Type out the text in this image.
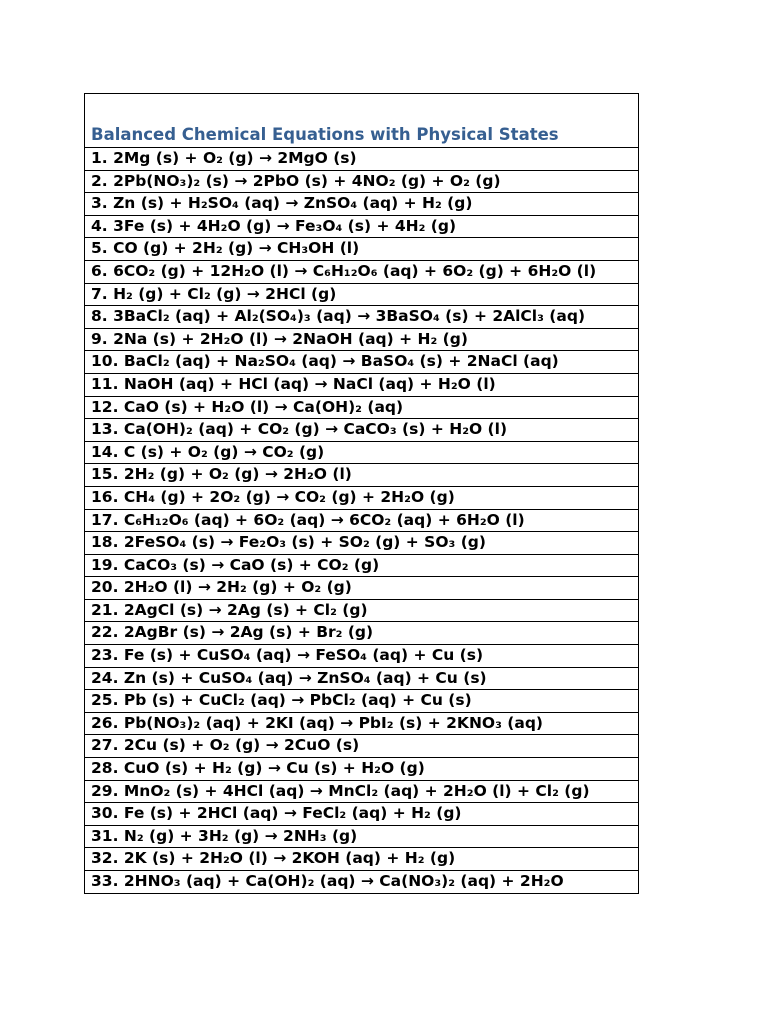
Balanced Chemical Equations with Physical States
1. 2Mg (s) + O₂ (g) → 2MgO (s)
2. 2Pb(NO₃)₂ (s) → 2PbO (s) + 4NO₂ (g) + O₂ (g)
3. Zn (s) + H₂SO₄ (aq) → ZnSO₄ (aq) + H₂ (g)
4. 3Fe (s) + 4H₂O (g) → Fe₃O₄ (s) + 4H₂ (g)
5. CO (g) + 2H₂ (g) → CH₃OH (l)
6. 6CO₂ (g) + 12H₂O (l) → C₆H₁₂O₆ (aq) + 6O₂ (g) + 6H₂O (l)
7. H₂ (g) + Cl₂ (g) → 2HCl (g)
8. 3BaCl₂ (aq) + Al₂(SO₄)₃ (aq) → 3BaSO₄ (s) + 2AlCl₃ (aq)
9. 2Na (s) + 2H₂O (l) → 2NaOH (aq) + H₂ (g)
10. BaCl₂ (aq) + Na₂SO₄ (aq) → BaSO₄ (s) + 2NaCl (aq)
11. NaOH (aq) + HCl (aq) → NaCl (aq) + H₂O (l)
12. CaO (s) + H₂O (l) → Ca(OH)₂ (aq)
13. Ca(OH)₂ (aq) + CO₂ (g) → CaCO₃ (s) + H₂O (l)
14. C (s) + O₂ (g) → CO₂ (g)
15. 2H₂ (g) + O₂ (g) → 2H₂O (l)
16. CH₄ (g) + 2O₂ (g) → CO₂ (g) + 2H₂O (g)
17. C₆H₁₂O₆ (aq) + 6O₂ (aq) → 6CO₂ (aq) + 6H₂O (l)
18. 2FeSO₄ (s) → Fe₂O₃ (s) + SO₂ (g) + SO₃ (g)
19. CaCO₃ (s) → CaO (s) + CO₂ (g)
20. 2H₂O (l) → 2H₂ (g) + O₂ (g)
21. 2AgCl (s) → 2Ag (s) + Cl₂ (g)
22. 2AgBr (s) → 2Ag (s) + Br₂ (g)
23. Fe (s) + CuSO₄ (aq) → FeSO₄ (aq) + Cu (s)
24. Zn (s) + CuSO₄ (aq) → ZnSO₄ (aq) + Cu (s)
25. Pb (s) + CuCl₂ (aq) → PbCl₂ (aq) + Cu (s)
26. Pb(NO₃)₂ (aq) + 2KI (aq) → PbI₂ (s) + 2KNO₃ (aq)
27. 2Cu (s) + O₂ (g) → 2CuO (s)
28. CuO (s) + H₂ (g) → Cu (s) + H₂O (g)
29. MnO₂ (s) + 4HCl (aq) → MnCl₂ (aq) + 2H₂O (l) + Cl₂ (g)
30. Fe (s) + 2HCl (aq) → FeCl₂ (aq) + H₂ (g)
31. N₂ (g) + 3H₂ (g) → 2NH₃ (g)
32. 2K (s) + 2H₂O (l) → 2KOH (aq) + H₂ (g)
33. 2HNO₃ (aq) + Ca(OH)₂ (aq) → Ca(NO₃)₂ (aq) + 2H₂O
